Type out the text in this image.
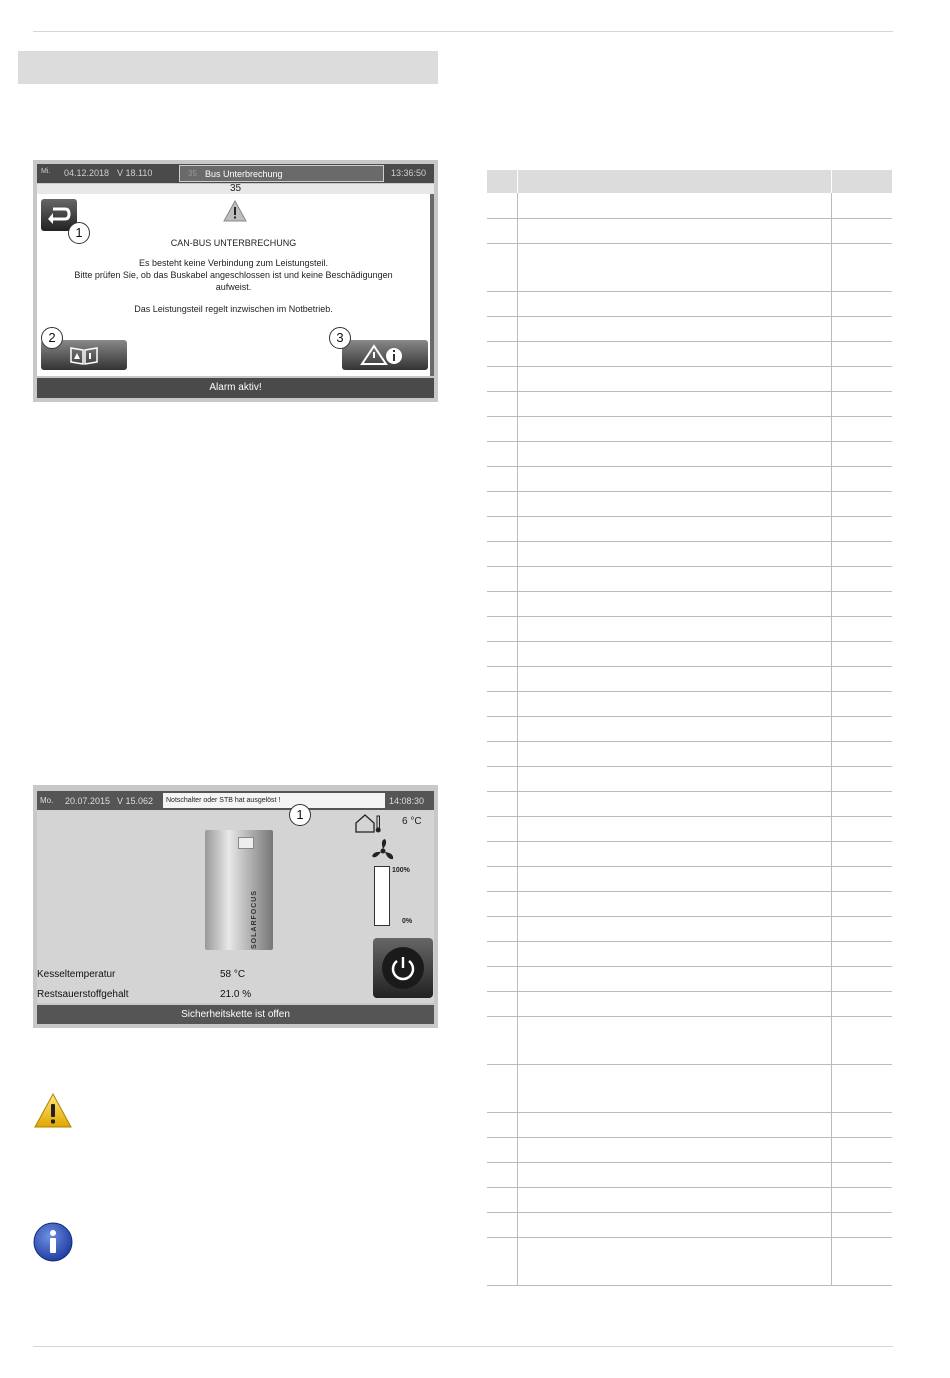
Mi. 04.12.2018 V 18.110	35 Bus Unterbrechung	13:36:50
35
1
CAN-BUS UNTERBRECHUNG
Es besteht keine Verbindung zum Leistungsteil.
Bitte prüfen Sie, ob das Buskabel angeschlossen ist und keine Beschädigungen
aufweist.
Das Leistungsteil regelt inzwischen im Notbetrieb.
2	3
Alarm aktiv!
Mo. 20.07.2015 V 15.062	Notschalter oder STB hat ausgelöst !	14:08:30
1
SOLARFOCUS
6 °C
100%
0%
Kesseltemperatur	58 °C
Restsauerstoffgehalt	21.0 %
Sicherheitskette ist offen
